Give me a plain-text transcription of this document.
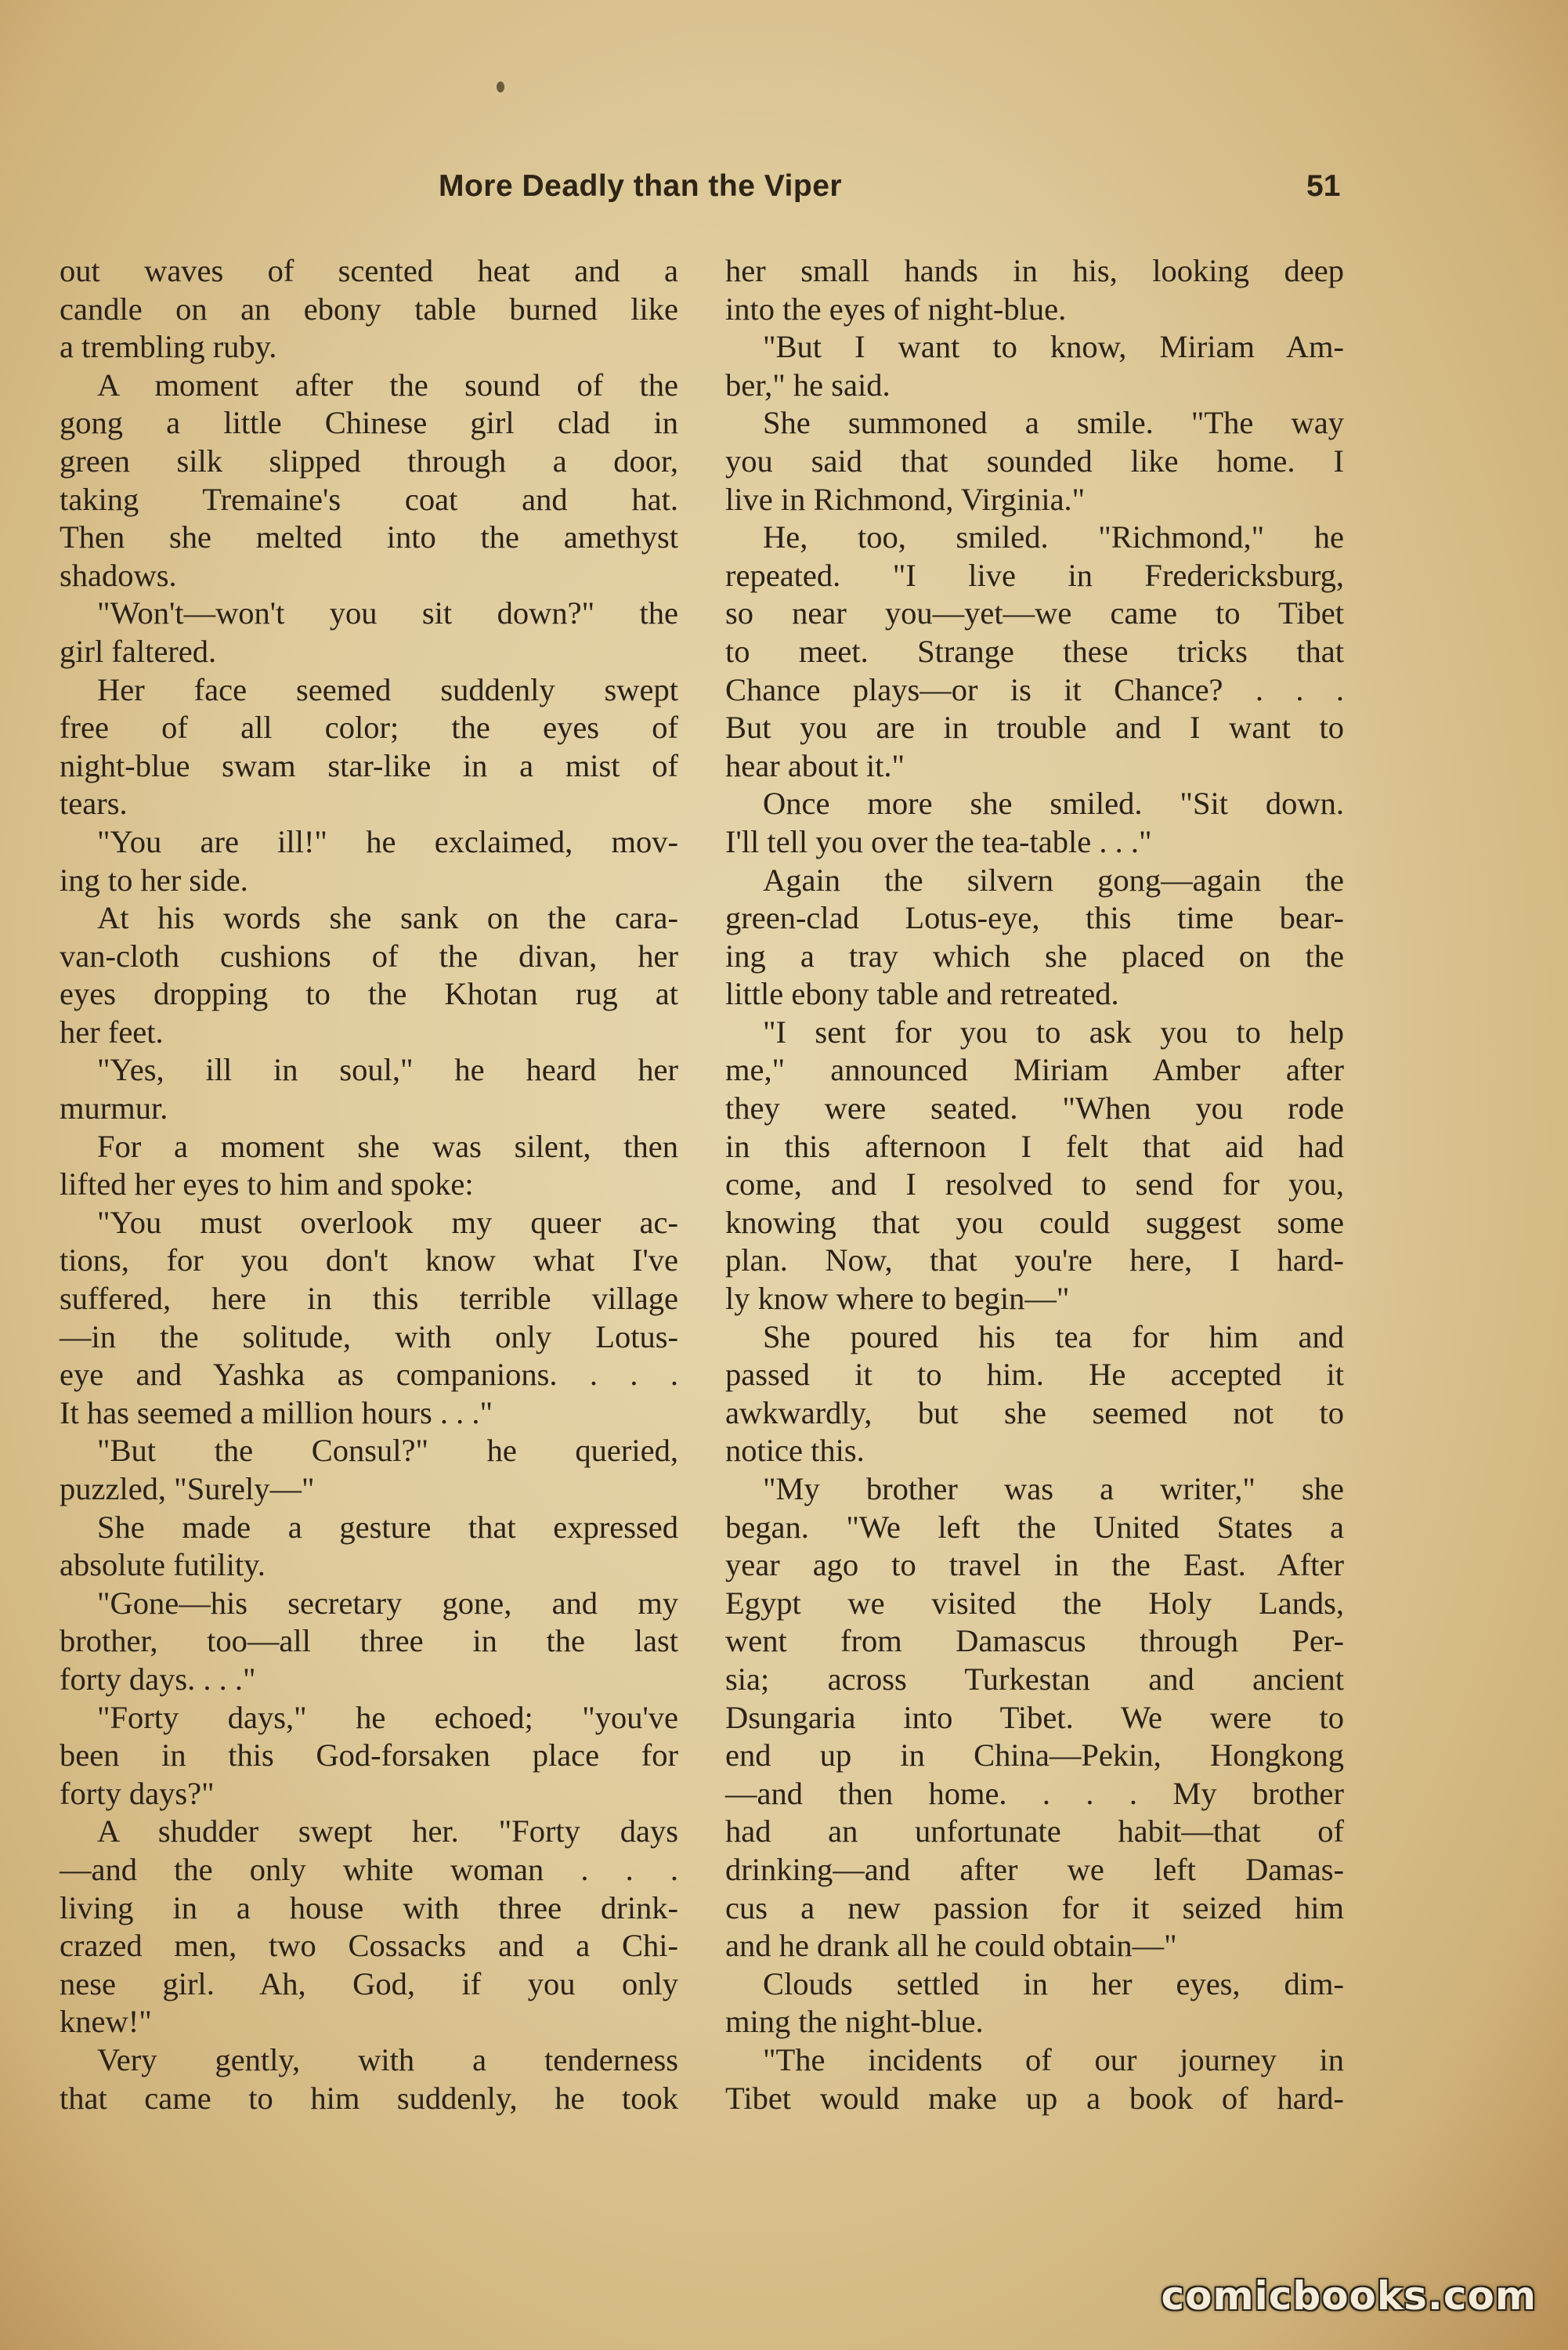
More Deadly than the Viper	51
out waves of scented heat and a
candle on an ebony table burned like
a trembling ruby.
A moment after the sound of the
gong a little Chinese girl clad in
green silk slipped through a door,
taking Tremaine's coat and hat.
Then she melted into the amethyst
shadows.
"Won't—won't you sit down?" the
girl faltered.
Her face seemed suddenly swept
free of all color; the eyes of
night-blue swam star-like in a mist of
tears.
"You are ill!" he exclaimed, mov-
ing to her side.
At his words she sank on the cara-
van-cloth cushions of the divan, her
eyes dropping to the Khotan rug at
her feet.
"Yes, ill in soul," he heard her
murmur.
For a moment she was silent, then
lifted her eyes to him and spoke:
"You must overlook my queer ac-
tions, for you don't know what I've
suffered, here in this terrible village
—in the solitude, with only Lotus-
eye and Yashka as companions. . . .
It has seemed a million hours . . ."
"But the Consul?" he queried,
puzzled, "Surely—"
She made a gesture that expressed
absolute futility.
"Gone—his secretary gone, and my
brother, too—all three in the last
forty days. . . ."
"Forty days," he echoed; "you've
been in this God-forsaken place for
forty days?"
A shudder swept her. "Forty days
—and the only white woman . . .
living in a house with three drink-
crazed men, two Cossacks and a Chi-
nese girl. Ah, God, if you only
knew!"
Very gently, with a tenderness
that came to him suddenly, he took
her small hands in his, looking deep
into the eyes of night-blue.
"But I want to know, Miriam Am-
ber," he said.
She summoned a smile. "The way
you said that sounded like home. I
live in Richmond, Virginia."
He, too, smiled. "Richmond," he
repeated. "I live in Fredericksburg,
so near you—yet—we came to Tibet
to meet. Strange these tricks that
Chance plays—or is it Chance? . . .
But you are in trouble and I want to
hear about it."
Once more she smiled. "Sit down.
I'll tell you over the tea-table . . ."
Again the silvern gong—again the
green-clad Lotus-eye, this time bear-
ing a tray which she placed on the
little ebony table and retreated.
"I sent for you to ask you to help
me," announced Miriam Amber after
they were seated. "When you rode
in this afternoon I felt that aid had
come, and I resolved to send for you,
knowing that you could suggest some
plan. Now, that you're here, I hard-
ly know where to begin—"
She poured his tea for him and
passed it to him. He accepted it
awkwardly, but she seemed not to
notice this.
"My brother was a writer," she
began. "We left the United States a
year ago to travel in the East. After
Egypt we visited the Holy Lands,
went from Damascus through Per-
sia; across Turkestan and ancient
Dsungaria into Tibet. We were to
end up in China—Pekin, Hongkong
—and then home. . . . My brother
had an unfortunate habit—that of
drinking—and after we left Damas-
cus a new passion for it seized him
and he drank all he could obtain—"
Clouds settled in her eyes, dim-
ming the night-blue.
"The incidents of our journey in
Tibet would make up a book of hard-
comicbooks.com
